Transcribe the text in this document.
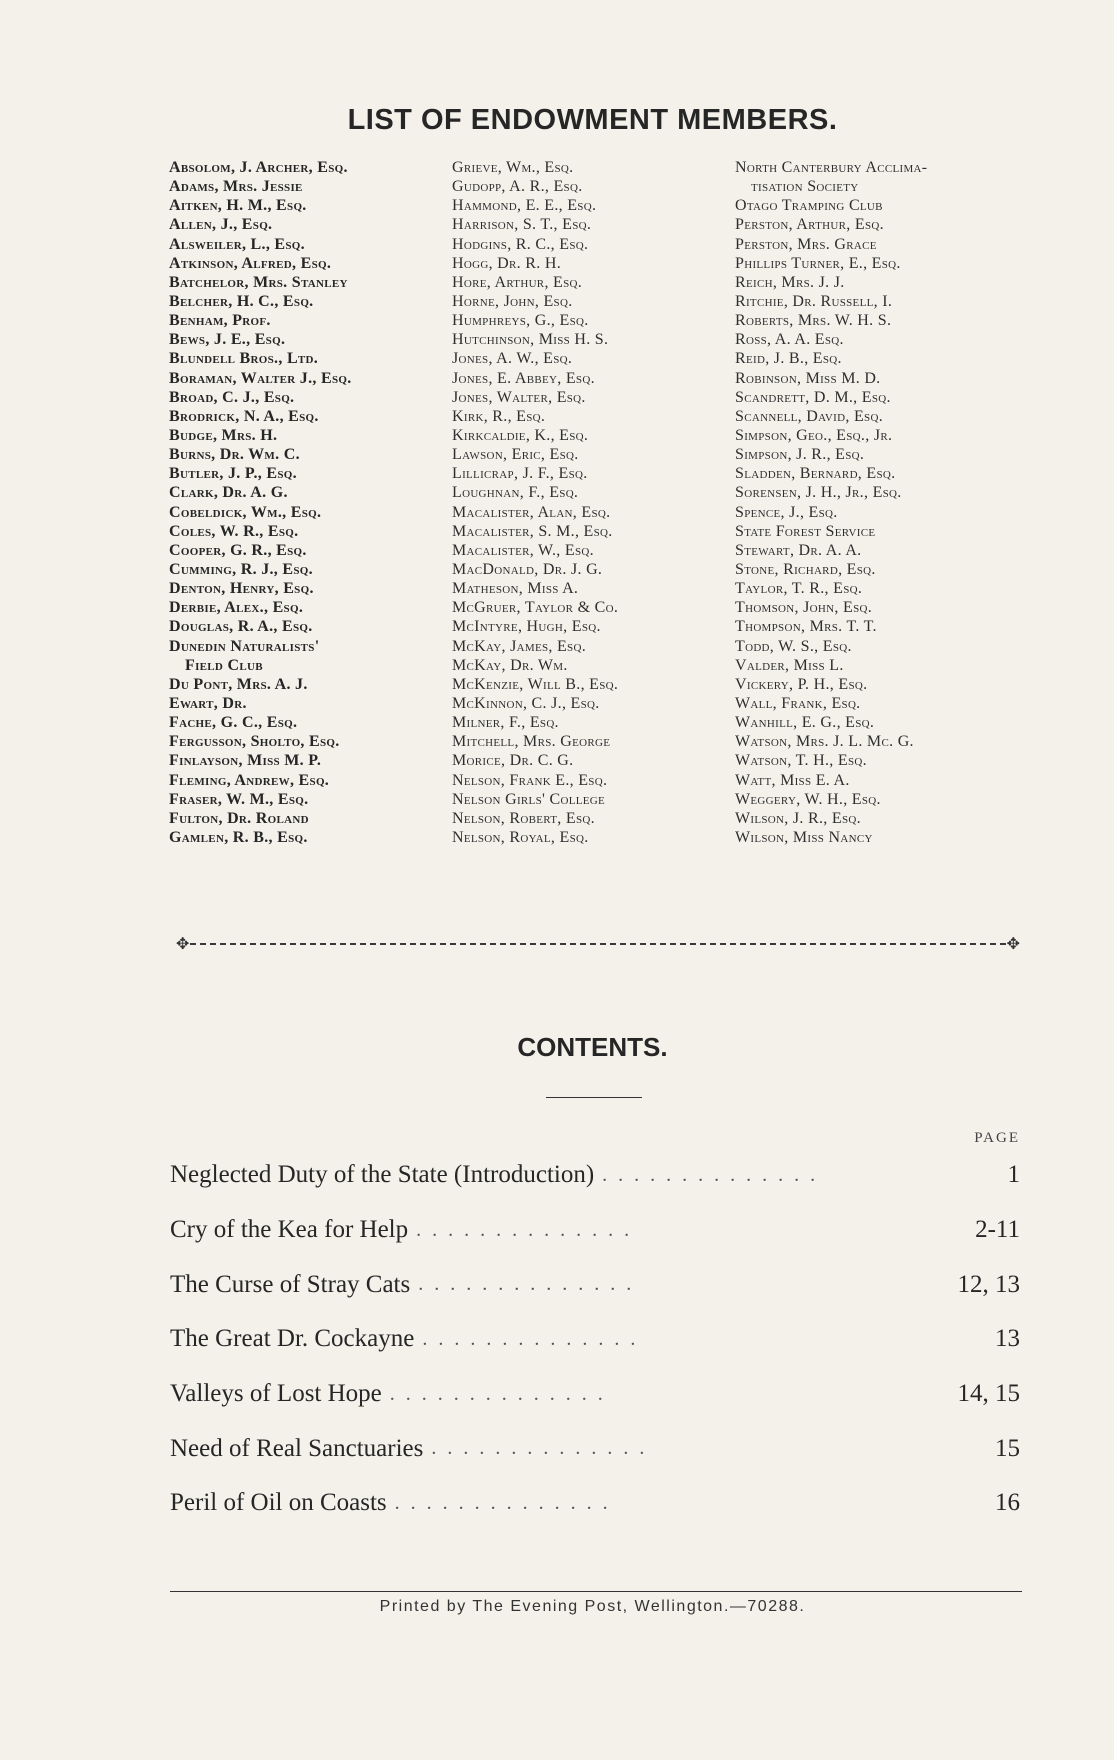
LIST OF ENDOWMENT MEMBERS.
Absolom, J. Archer, Esq.
Adams, Mrs. Jessie
Aitken, H. M., Esq.
Allen, J., Esq.
Alsweiler, L., Esq.
Atkinson, Alfred, Esq.
Batchelor, Mrs. Stanley
Belcher, H. C., Esq.
Benham, Prof.
Bews, J. E., Esq.
Blundell Bros., Ltd.
Boraman, Walter J., Esq.
Broad, C. J., Esq.
Brodrick, N. A., Esq.
Budge, Mrs. H.
Burns, Dr. Wm. C.
Butler, J. P., Esq.
Clark, Dr. A. G.
Cobeldick, Wm., Esq.
Coles, W. R., Esq.
Cooper, G. R., Esq.
Cumming, R. J., Esq.
Denton, Henry, Esq.
Derbie, Alex., Esq.
Douglas, R. A., Esq.
Dunedin Naturalists'
Field Club
Du Pont, Mrs. A. J.
Ewart, Dr.
Fache, G. C., Esq.
Fergusson, Sholto, Esq.
Finlayson, Miss M. P.
Fleming, Andrew, Esq.
Fraser, W. M., Esq.
Fulton, Dr. Roland
Gamlen, R. B., Esq.
Grieve, Wm., Esq.
Gudopp, A. R., Esq.
Hammond, E. E., Esq.
Harrison, S. T., Esq.
Hodgins, R. C., Esq.
Hogg, Dr. R. H.
Hore, Arthur, Esq.
Horne, John, Esq.
Humphreys, G., Esq.
Hutchinson, Miss H. S.
Jones, A. W., Esq.
Jones, E. Abbey, Esq.
Jones, Walter, Esq.
Kirk, R., Esq.
Kirkcaldie, K., Esq.
Lawson, Eric, Esq.
Lillicrap, J. F., Esq.
Loughnan, F., Esq.
Macalister, Alan, Esq.
Macalister, S. M., Esq.
Macalister, W., Esq.
MacDonald, Dr. J. G.
Matheson, Miss A.
McGruer, Taylor & Co.
McIntyre, Hugh, Esq.
McKay, James, Esq.
McKay, Dr. Wm.
McKenzie, Will B., Esq.
McKinnon, C. J., Esq.
Milner, F., Esq.
Mitchell, Mrs. George
Morice, Dr. C. G.
Nelson, Frank E., Esq.
Nelson Girls' College
Nelson, Robert, Esq.
Nelson, Royal, Esq.
North Canterbury Acclima-
tisation Society
Otago Tramping Club
Perston, Arthur, Esq.
Perston, Mrs. Grace
Phillips Turner, E., Esq.
Reich, Mrs. J. J.
Ritchie, Dr. Russell, I.
Roberts, Mrs. W. H. S.
Ross, A. A. Esq.
Reid, J. B., Esq.
Robinson, Miss M. D.
Scandrett, D. M., Esq.
Scannell, David, Esq.
Simpson, Geo., Esq., Jr.
Simpson, J. R., Esq.
Sladden, Bernard, Esq.
Sorensen, J. H., Jr., Esq.
Spence, J., Esq.
State Forest Service
Stewart, Dr. A. A.
Stone, Richard, Esq.
Taylor, T. R., Esq.
Thomson, John, Esq.
Thompson, Mrs. T. T.
Todd, W. S., Esq.
Valder, Miss L.
Vickery, P. H., Esq.
Wall, Frank, Esq.
Wanhill, E. G., Esq.
Watson, Mrs. J. L. Mc. G.
Watson, T. H., Esq.
Watt, Miss E. A.
Weggery, W. H., Esq.
Wilson, J. R., Esq.
Wilson, Miss Nancy
✥	✥
CONTENTS.
PAGE
Neglected Duty of the State (Introduction) . . . . . . . . . . . . . .	1
Cry of the Kea for Help . . . . . . . . . . . . . .	2-11
The Curse of Stray Cats . . . . . . . . . . . . . .	12, 13
The Great Dr. Cockayne . . . . . . . . . . . . . .	13
Valleys of Lost Hope . . . . . . . . . . . . . .	14, 15
Need of Real Sanctuaries . . . . . . . . . . . . . .	15
Peril of Oil on Coasts . . . . . . . . . . . . . .	16
Printed by The Evening Post, Wellington.—70288.
